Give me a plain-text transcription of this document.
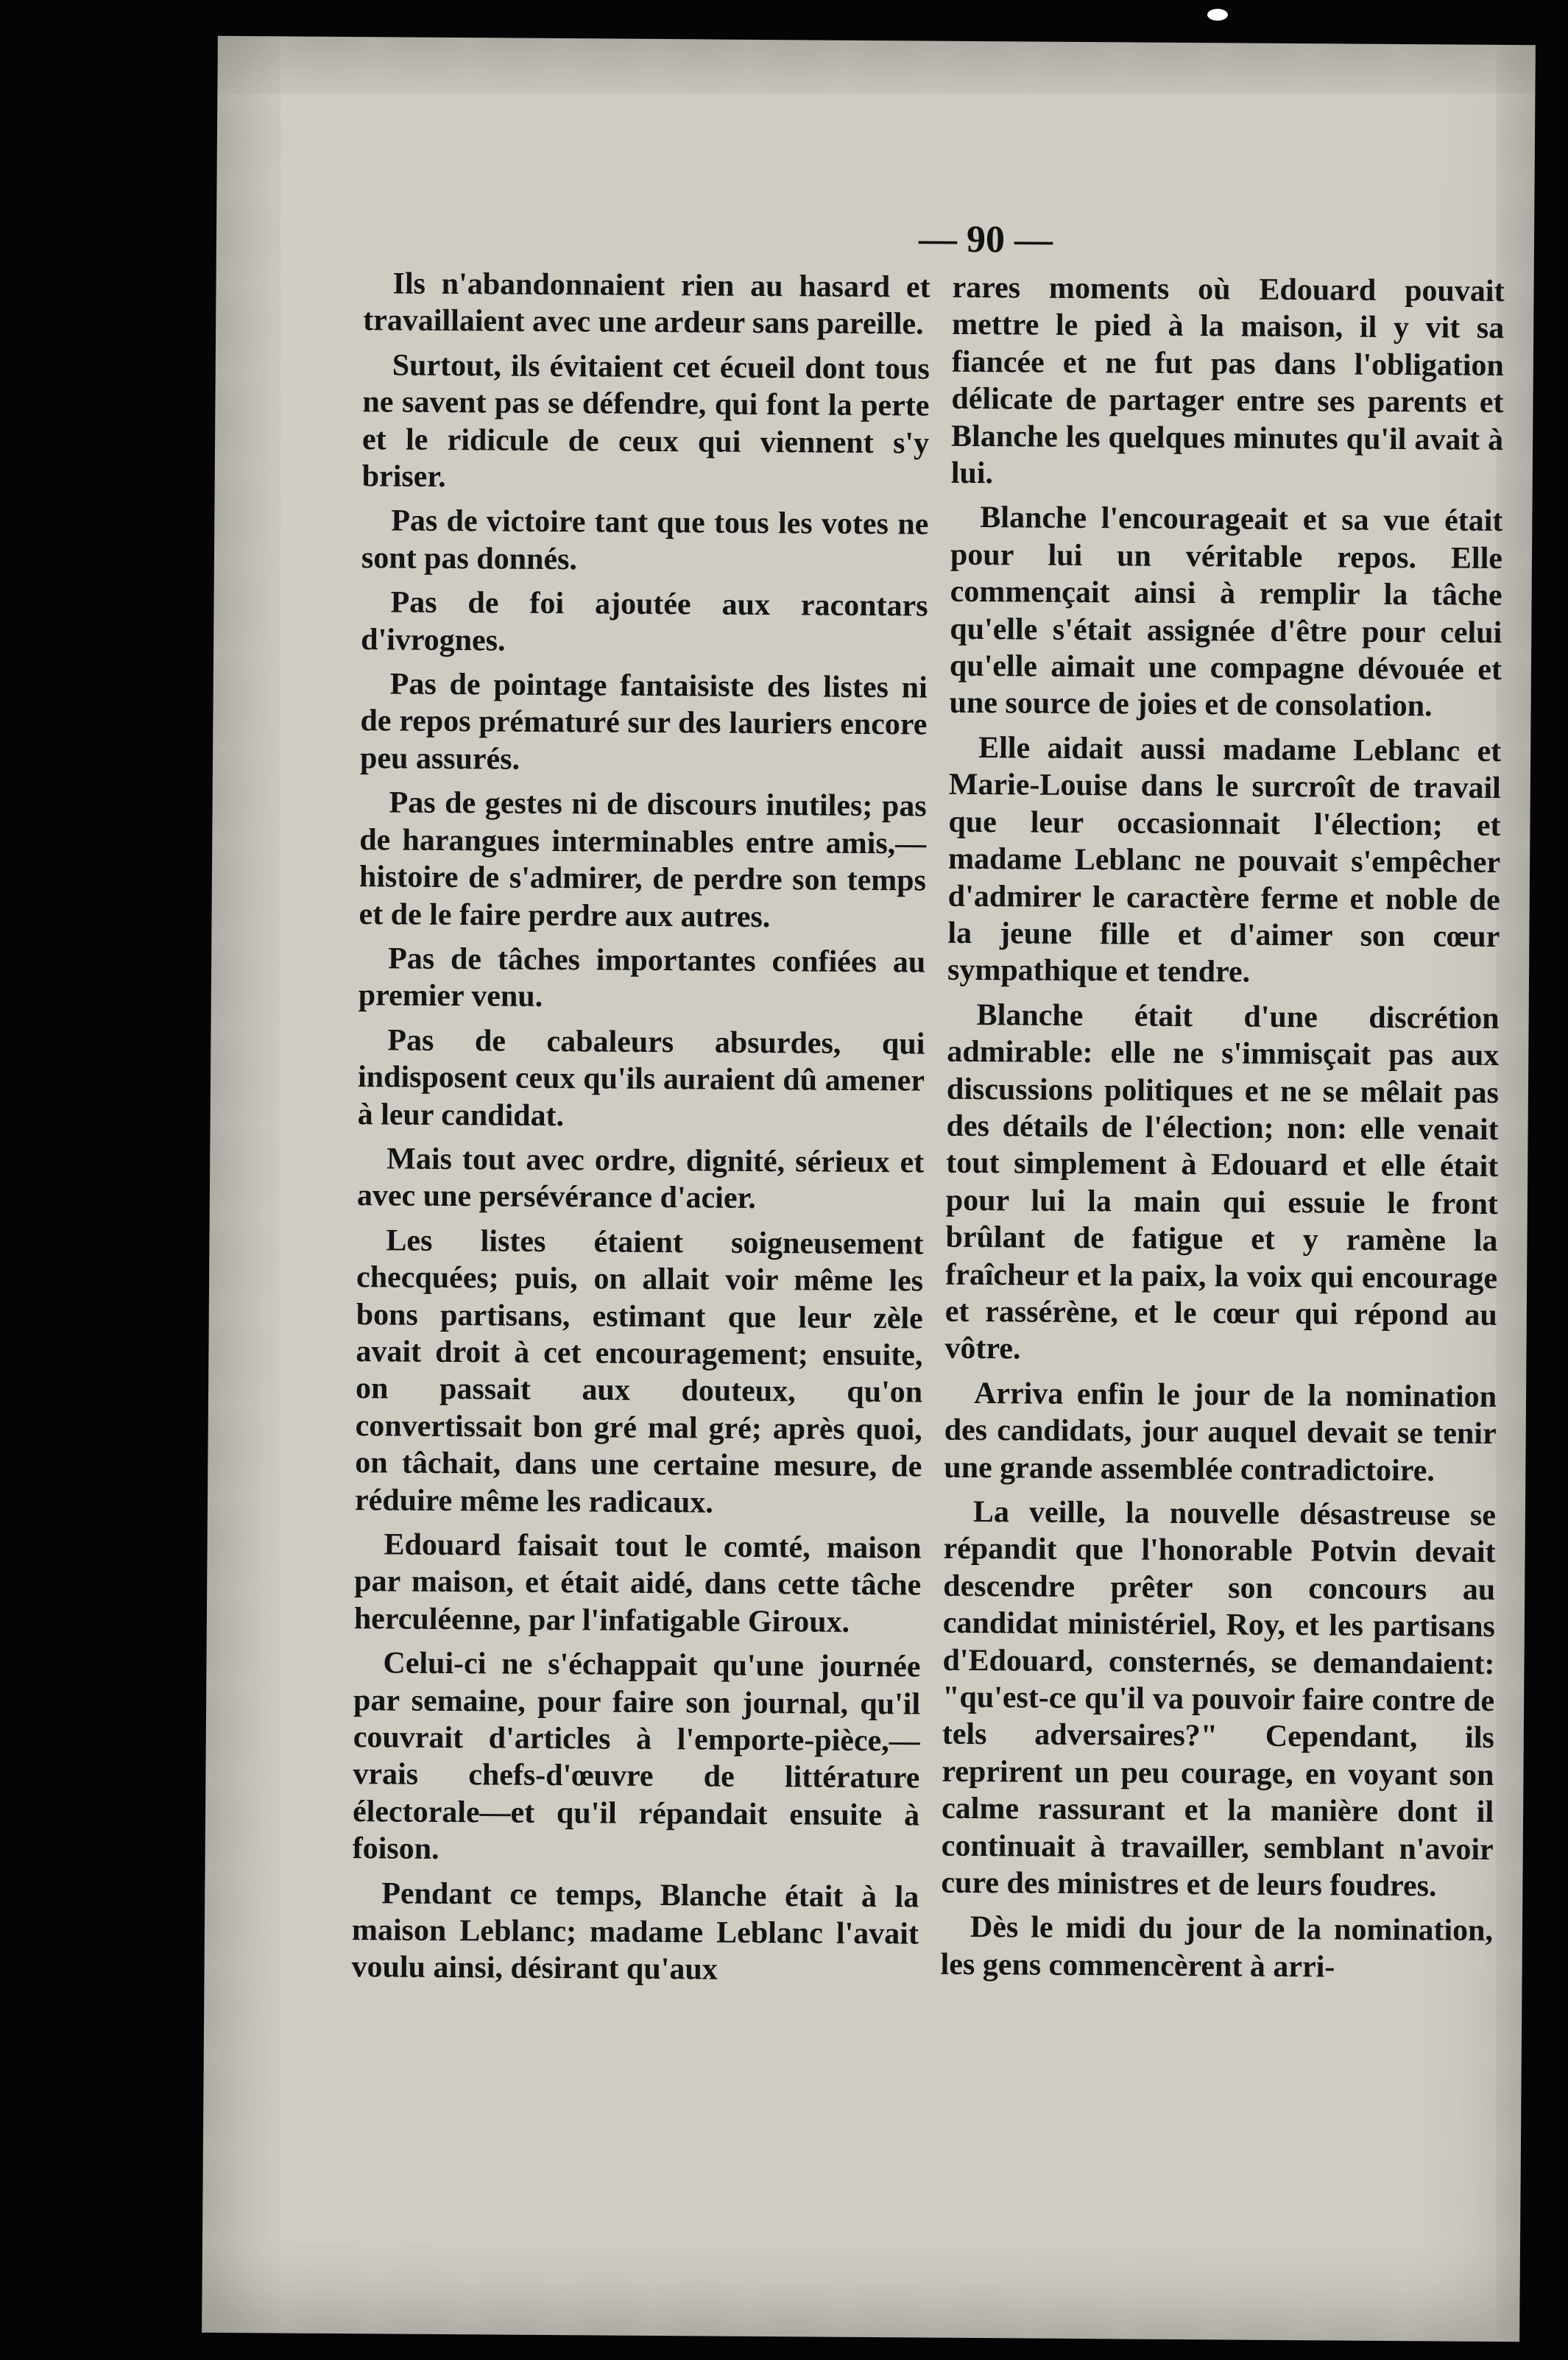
— 90 —

Ils n'abandonnaient rien au hasard et travaillaient avec une ardeur sans pareille.

Surtout, ils évitaient cet écueil dont tous ne savent pas se défendre, qui font la perte et le ridicule de ceux qui viennent s'y briser.

Pas de victoire tant que tous les votes ne sont pas donnés.

Pas de foi ajoutée aux racontars d'ivrognes.

Pas de pointage fantaisiste des listes ni de repos prématuré sur des lauriers encore peu assurés.

Pas de gestes ni de discours inutiles; pas de harangues interminables entre amis,—histoire de s'admirer, de perdre son temps et de le faire perdre aux autres.

Pas de tâches importantes confiées au premier venu.

Pas de cabaleurs absurdes, qui indisposent ceux qu'ils auraient dû amener à leur candidat.

Mais tout avec ordre, dignité, sérieux et avec une persévérance d'acier.

Les listes étaient soigneusement checquées; puis, on allait voir même les bons partisans, estimant que leur zèle avait droit à cet encouragement; ensuite, on passait aux douteux, qu'on convertissait bon gré mal gré; après quoi, on tâchait, dans une certaine mesure, de réduire même les radicaux.

Edouard faisait tout le comté, maison par maison, et était aidé, dans cette tâche herculéenne, par l'infatigable Giroux.

Celui-ci ne s'échappait qu'une journée par semaine, pour faire son journal, qu'il couvrait d'articles à l'emporte-pièce,—vrais chefs-d'œuvre de littérature électorale—et qu'il répandait ensuite à foison.

Pendant ce temps, Blanche était à la maison Leblanc; madame Leblanc l'avait voulu ainsi, désirant qu'aux

rares moments où Edouard pouvait mettre le pied à la maison, il y vit sa fiancée et ne fut pas dans l'obligation délicate de partager entre ses parents et Blanche les quelques minutes qu'il avait à lui.

Blanche l'encourageait et sa vue était pour lui un véritable repos. Elle commençait ainsi à remplir la tâche qu'elle s'était assignée d'être pour celui qu'elle aimait une compagne dévouée et une source de joies et de consolation.

Elle aidait aussi madame Leblanc et Marie-Louise dans le surcroît de travail que leur occasionnait l'élection; et madame Leblanc ne pouvait s'empêcher d'admirer le caractère ferme et noble de la jeune fille et d'aimer son cœur sympathique et tendre.

Blanche était d'une discrétion admirable: elle ne s'immisçait pas aux discussions politiques et ne se mêlait pas des détails de l'élection; non: elle venait tout simplement à Edouard et elle était pour lui la main qui essuie le front brûlant de fatigue et y ramène la fraîcheur et la paix, la voix qui encourage et rassérène, et le cœur qui répond au vôtre.

Arriva enfin le jour de la nomination des candidats, jour auquel devait se tenir une grande assemblée contradictoire.

La veille, la nouvelle désastreuse se répandit que l'honorable Potvin devait descendre prêter son concours au candidat ministériel, Roy, et les partisans d'Edouard, consternés, se demandaient: "qu'est-ce qu'il va pouvoir faire contre de tels adversaires?" Cependant, ils reprirent un peu courage, en voyant son calme rassurant et la manière dont il continuait à travailler, semblant n'avoir cure des ministres et de leurs foudres.

Dès le midi du jour de la nomination, les gens commencèrent à arri-
